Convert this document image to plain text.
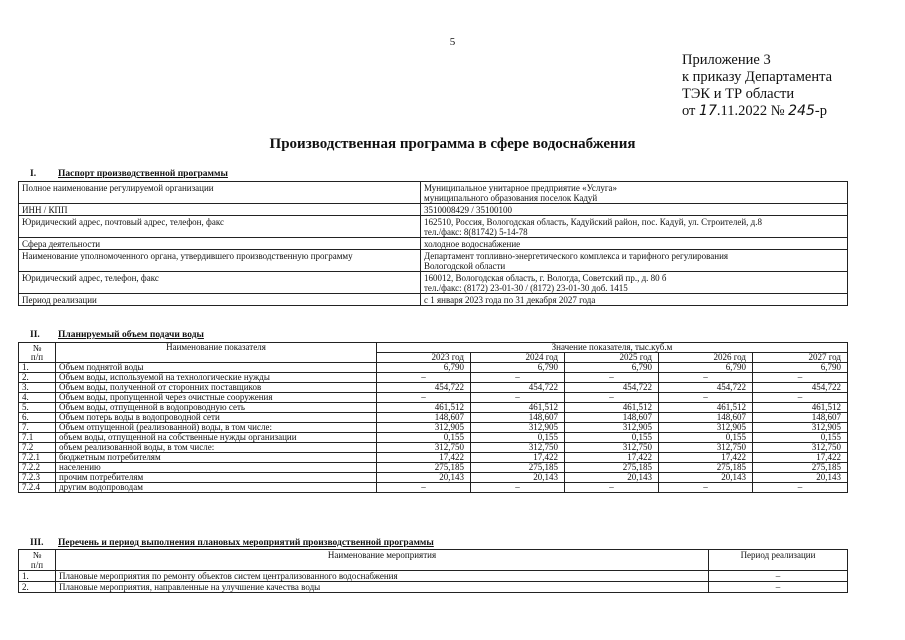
5
Приложение 3
к приказу Департамента
ТЭК и ТР области
от 17.11.2022 № 245-р
Производственная программа в сфере водоснабжения
I. Паспорт производственной программы
Полное наименование регулируемой организации	Муниципальное унитарное предприятие «Услуга»
муниципального образования поселок Кадуй

ИНН / КПП	3510008429 / 35100100

Юридический адрес, почтовый адрес, телефон, факс	162510, Россия, Вологодская область, Кадуйский район, пос. Кадуй, ул. Строителей, д.8
тел./факс: 8(81742) 5-14-78

Сфера деятельности	холодное водоснабжение

Наименование уполномоченного органа, утвердившего производственную программу	Департамент топливно-энергетического комплекса и тарифного регулирования
Вологодской области

Юридический адрес, телефон, факс	160012, Вологодская область, г. Вологда, Советский пр., д. 80 б
тел./факс: (8172) 23-01-30 / (8172) 23-01-30 доб. 1415

Период реализации	с 1 января 2023 года по 31 декабря 2027 года
II. Планируемый объем подачи воды
№
п/п	Наименование показателя	Значение показателя, тыс.куб.м				
		2023 год	2024 год	2025 год	2026 год	2027 год
1.	Объем поднятой воды	6,790	6,790	6,790	6,790	6,790
2.	Объем воды, используемой на технологические нужды	–	–	–	–	–
3.	Объем воды, полученной от сторонних поставщиков	454,722	454,722	454,722	454,722	454,722
4.	Объем воды, пропущенной через очистные сооружения	–	–	–	–	–
5.	Объем воды, отпущенной в водопроводную сеть	461,512	461,512	461,512	461,512	461,512
6.	Объем потерь воды в водопроводной сети	148,607	148,607	148,607	148,607	148,607
7.	Объем отпущенной (реализованной) воды, в том числе:	312,905	312,905	312,905	312,905	312,905
7.1	объем воды, отпущенной на собственные нужды организации	0,155	0,155	0,155	0,155	0,155
7.2	объем реализованной воды, в том числе:	312,750	312,750	312,750	312,750	312,750
7.2.1	бюджетным потребителям	17,422	17,422	17,422	17,422	17,422
7.2.2	населению	275,185	275,185	275,185	275,185	275,185
7.2.3	прочим потребителям	20,143	20,143	20,143	20,143	20,143
7.2.4	другим водопроводам	–	–	–	–	–
III. Перечень и период выполнения плановых мероприятий производственной программы
№
п/п	Наименование мероприятия	Период реализации
1.	Плановые мероприятия по ремонту объектов систем централизованного водоснабжения	–
2.	Плановые мероприятия, направленные на улучшение качества воды	–
